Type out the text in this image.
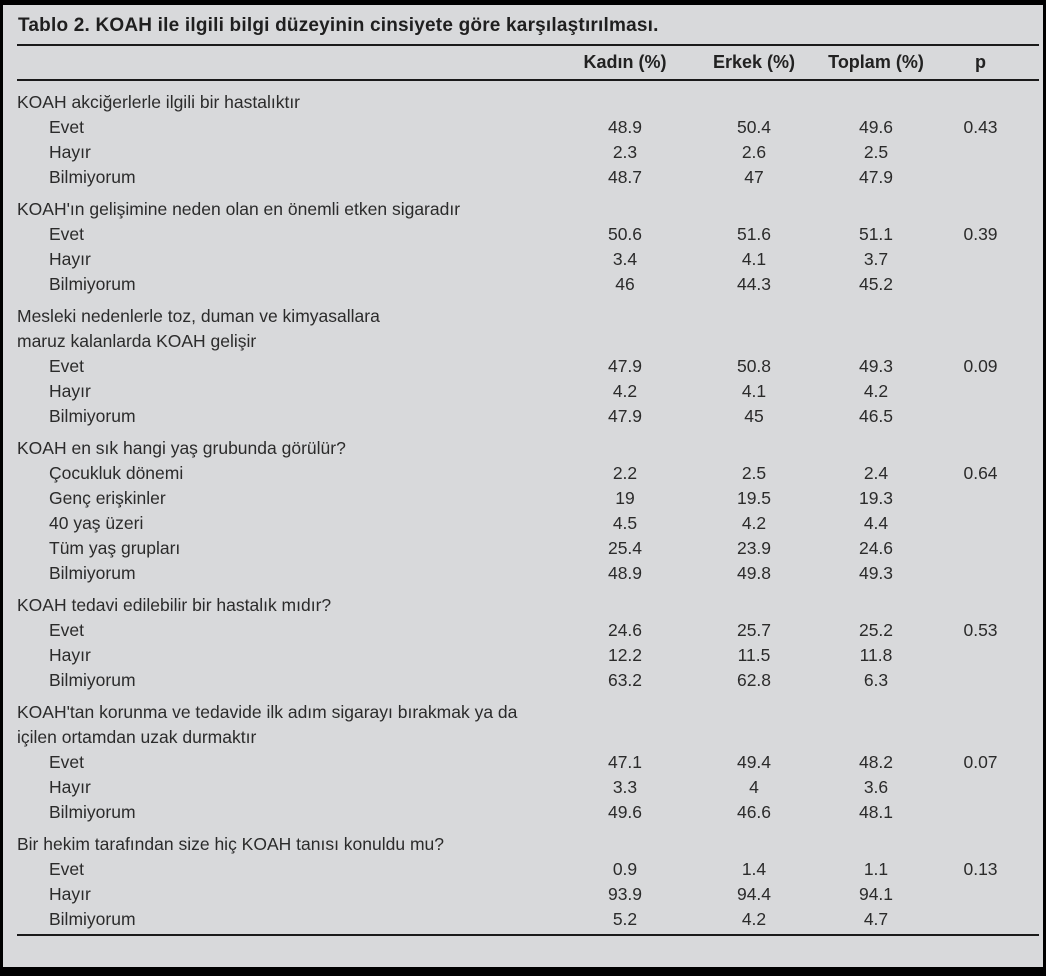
Tablo 2. KOAH ile ilgili bilgi düzeyinin cinsiyete göre karşılaştırılması.
Kadın (%)	Erkek (%)	Toplam (%)	p
KOAH akciğerlerle ilgili bir hastalıktır
Evet	48.9	50.4	49.6	0.43
Hayır	2.3	2.6	2.5
Bilmiyorum	48.7	47	47.9
KOAH'ın gelişimine neden olan en önemli etken sigaradır
Evet	50.6	51.6	51.1	0.39
Hayır	3.4	4.1	3.7
Bilmiyorum	46	44.3	45.2
Mesleki nedenlerle toz, duman ve kimyasallara
maruz kalanlarda KOAH gelişir
Evet	47.9	50.8	49.3	0.09
Hayır	4.2	4.1	4.2
Bilmiyorum	47.9	45	46.5
KOAH en sık hangi yaş grubunda görülür?
Çocukluk dönemi	2.2	2.5	2.4	0.64
Genç erişkinler	19	19.5	19.3
40 yaş üzeri	4.5	4.2	4.4
Tüm yaş grupları	25.4	23.9	24.6
Bilmiyorum	48.9	49.8	49.3
KOAH tedavi edilebilir bir hastalık mıdır?
Evet	24.6	25.7	25.2	0.53
Hayır	12.2	11.5	11.8
Bilmiyorum	63.2	62.8	6.3
KOAH'tan korunma ve tedavide ilk adım sigarayı bırakmak ya da
içilen ortamdan uzak durmaktır
Evet	47.1	49.4	48.2	0.07
Hayır	3.3	4	3.6
Bilmiyorum	49.6	46.6	48.1
Bir hekim tarafından size hiç KOAH tanısı konuldu mu?
Evet	0.9	1.4	1.1	0.13
Hayır	93.9	94.4	94.1
Bilmiyorum	5.2	4.2	4.7
